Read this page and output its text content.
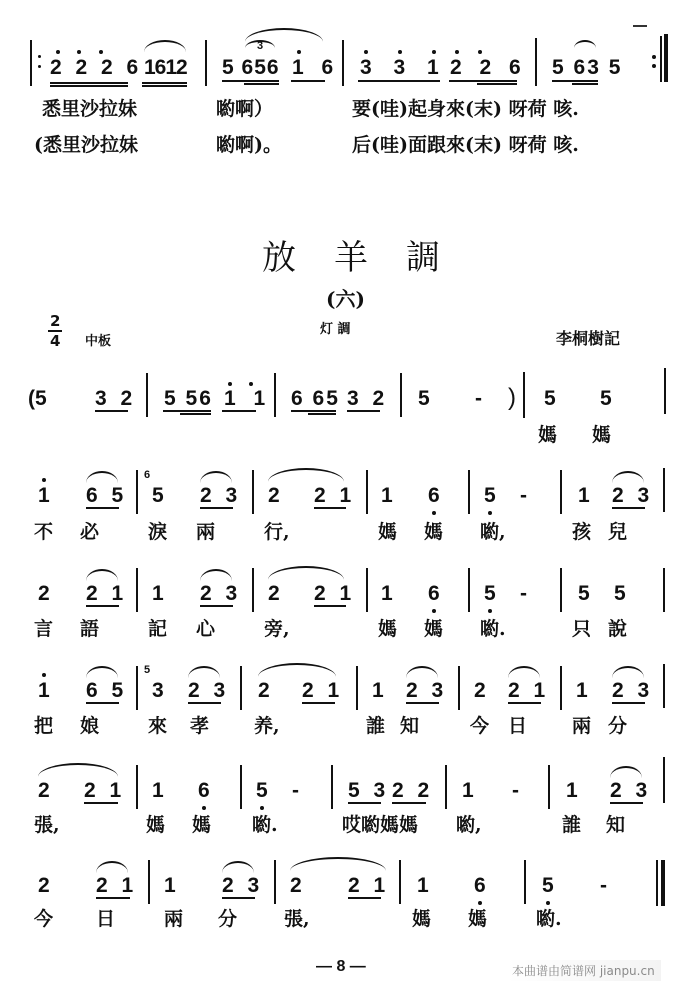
2 2 2 6 1612
3
5 656 1 6 3 3 1 2 2 6 5 63 5
悉里沙拉妹	喲啊）	要(哇)起身來(末) 呀荷 咳.
(悉里沙拉妹	喲啊)。	后(哇)面跟來(末) 呀荷 咳.
放羊調
(六)
2
4 中板
灯 調	李桐樹記
(5 3 2 5 56 1 1 6 65 3 2 5 - ) 5 5
媽 媽
1 6 5
6
5 2 3 2 2 1 1 6 5 - 1 2 3
不 必	淚 兩	行,	媽 媽 喲,	孩 兒
2 2 1 1 2 3 2 2 1 1 6 5 - 5 5
言 語	記 心	旁,	媽 媽 喲.	只 說
1 6 5
5
3 2 3 2 2 1 1 2 3 2 2 1 1 2 3
把 娘	來 孝 养,	誰 知	今 日 兩 分
2 2 1 1 6 5 - 5 3 2 2 1 - 1 2 3
張,	媽 媽 喲.	哎喲媽媽 喲,	誰 知
2 2 1 1 2 3 2 2 1 1 6	5 -
今 日	兩 分 張,	媽 媽	喲.
— 8 —	本曲谱由简谱网 jianpu.cn
